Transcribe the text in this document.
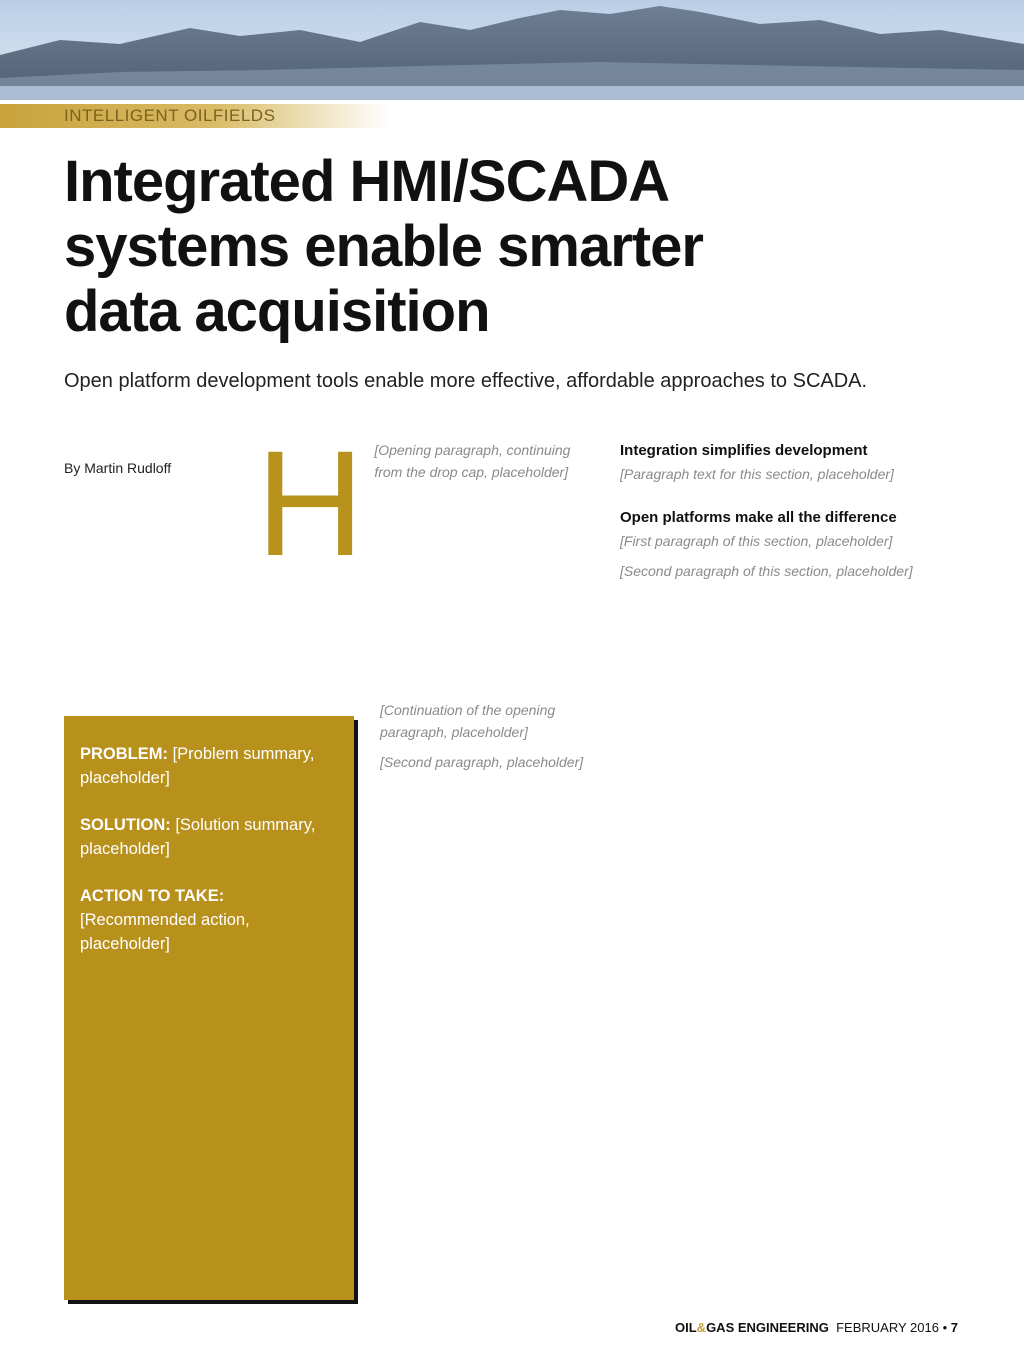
INTELLIGENT OILFIELDS
Integrated HMI/SCADA
systems enable smarter
data acquisition

Open platform development tools enable more effective, affordable approaches to SCADA.

By Martin Rudloff H [Opening paragraph, continuing from the drop cap, placeholder]

[Continuation of the opening paragraph, placeholder]

[Second paragraph, placeholder]

Integration simplifies development

[Paragraph text for this section, placeholder]

Open platforms make all the difference

[First paragraph of this section, placeholder]

[Second paragraph of this section, placeholder]

PROBLEM: [Problem summary, placeholder]

SOLUTION: [Solution summary, placeholder]

ACTION TO TAKE: [Recommended action, placeholder]

OIL&GAS ENGINEERING FEBRUARY 2016 • 7
